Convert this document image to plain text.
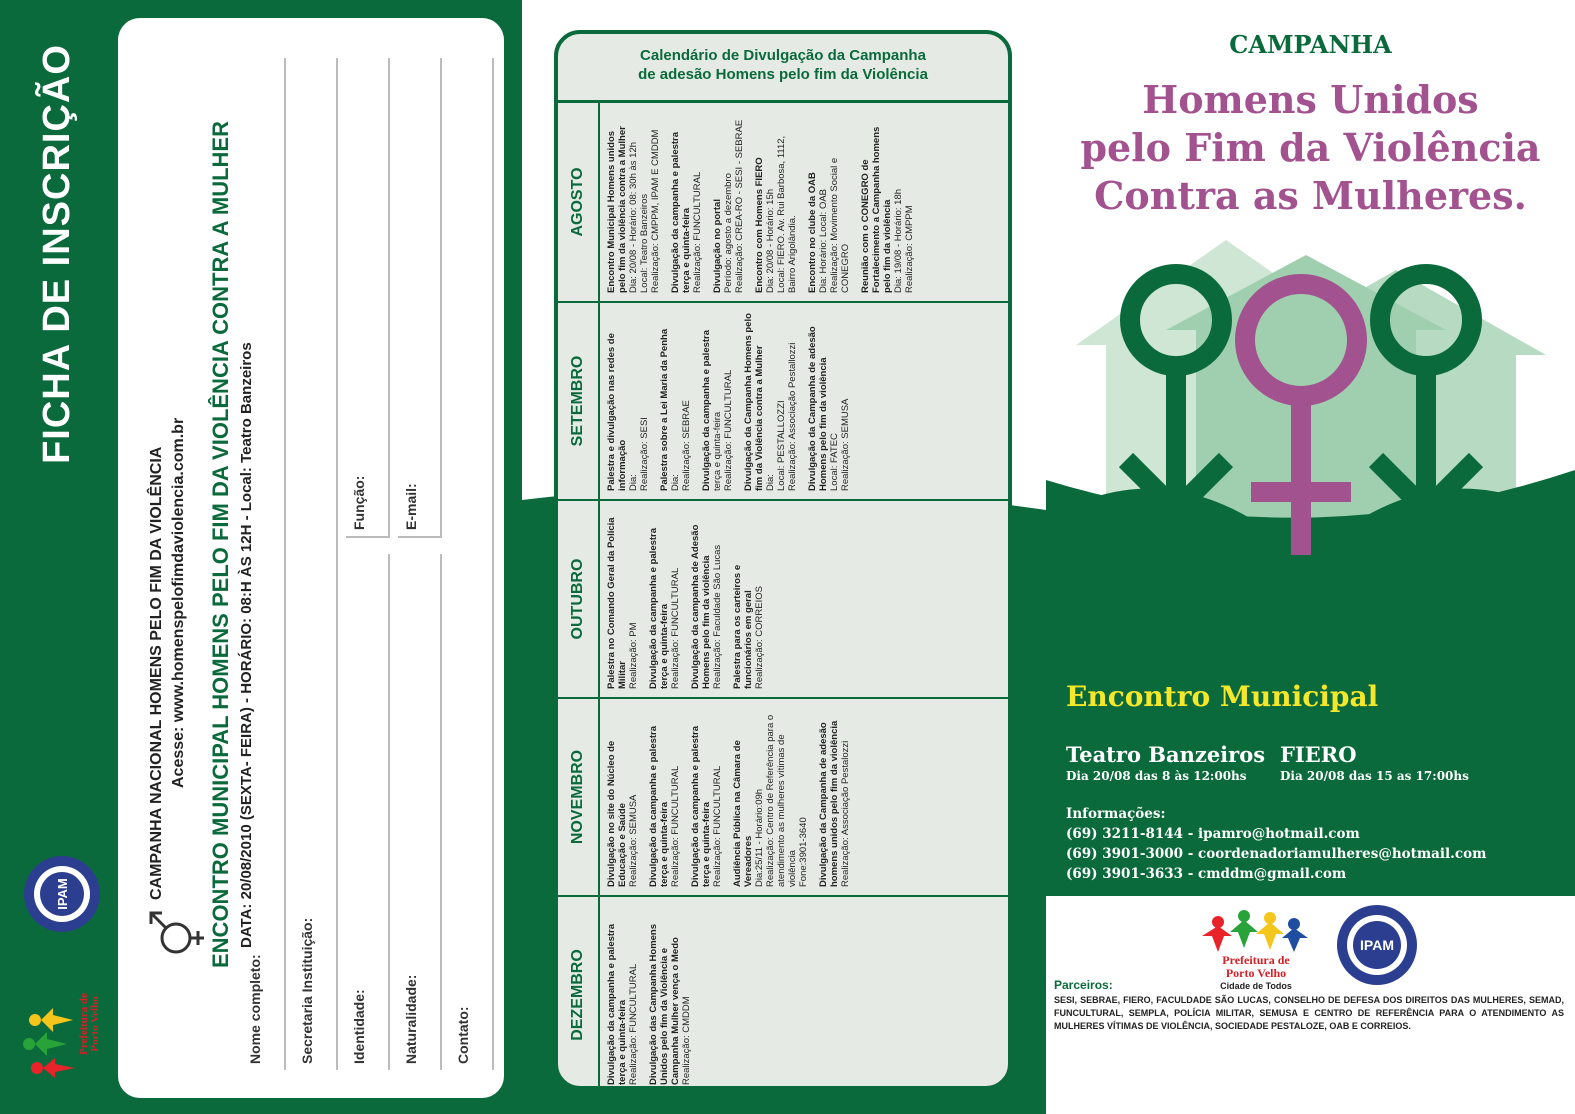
Prefeitura de Porto Velho
IPAM
FICHA DE INSCRIÇÃO
CAMPANHA NACIONAL HOMENS PELO FIM DA VIOLÊNCIA Acesse: www.homenspelofimdaviolencia.com.br ENCONTRO MUNICIPAL HOMENS PELO FIM DA VIOLÊNCIA CONTRA A MULHER DATA: 20/08/2010 (SEXTA- FEIRA) - HORÁRIO: 08:H ÀS 12H - Local: Teatro Banzeiros
Nome completo:	Secretaria Instituição:	Identidade:
Função:
Naturalidade:
E-mail:
Contato:
Calendário de Divulgação da Campanha
de adesão Homens pelo fim da Violência
DEZEMBRO	Divulgação da campanha e palestra terça e quinta-feira Realização: FUNCULTURAL Divulgação das Campanha Homens Unidos pelo fim da Violência e Campanha Mulher vença o Medo Realização: CMDDM
NOVEMBRO	Divulgação no site do Núcleo de Educação e Saúde Realização: SEMUSA Divulgação da campanha e palestra terça e quinta-feira Realização: FUNCULTURAL Divulgação da campanha e palestra terça e quinta-feira Realização: FUNCULTURAL Audiência Pública na Câmara de Vereadores Dia:25/11 - Horário:09h Realização: Centro de Referência para o atendimento as mulheres vítimas de violência Fone:3901-3640 Divulgação da Campanha de adesão homens unidos pelo fim da violência Realização: Associação Pestalozzi
OUTUBRO	Palestra no Comando Geral da Polícia Militar Realização: PM Divulgação da campanha e palestra terça e quinta-feira Realização: FUNCULTURAL Divulgação da campanha de Adesão Homens pelo fim da violência Realização: Faculdade São Lucas Palestra para os carteiros e funcionários em geral Realização: CORREIOS
SETEMBRO	Palestra e divulgação nas redes de informação Dia: Realização: SESI Palestra sobre a Lei Maria da Penha Dia: Realização: SEBRAE Divulgação da campanha e palestra terça e quinta-feira Realização: FUNCULTURAL Divulgação da Campanha Homens pelo fim da Violência contra a Mulher Dia: Local: PESTALLOZZI Realização: Associação Pestallozzi Divulgação da Campanha de adesão Homens pelo fim da violência Local: FATEC Realização: SEMUSA
AGOSTO	Encontro Municipal Homens unidos pelo fim da violência contra a Mulher Dia: 20/08 - Horário: 08: 30h às 12h Local: Teatro Banzeiros Realização: CMPPM, IPAM E CMDDM Divulgação da campanha e palestra terça e quinta-feira Realização: FUNCULTURAL Divulgação no portal Período: agosto a dezembro Realização: CREA-RO - SESI - SEBRAE Encontro com Homens FIERO Dia: 20/08 - Horário: 15h Local: FIERO. Av. Rui Barbosa, 1112, Bairro Arigolândia. Encontro no clube da OAB Dia: Horário: Local: OAB Realização: Movimento Social e CONEGRO Reunião com o CONEGRO de Fortalecimento a Campanha homens pelo fim da violência Dia: 19/08 - Horário: 18h Realização: CMPPM
CAMPANHA
Homens Unidos
pelo Fim da Violência
Contra as Mulheres.
Encontro Municipal
Teatro Banzeiros
Dia 20/08 das 8 às 12:00hs
FIERO
Dia 20/08 das 15 as 17:00hs
Informações:
(69) 3211-8144 - ipamro@hotmail.com
(69) 3901-3000 - coordenadoriamulheres@hotmail.com
(69) 3901-3633 - cmddm@gmail.com
Prefeitura de
Porto Velho
Cidade de Todos
IPAM
Parceiros:
SESI, SEBRAE, FIERO, FACULDADE SÃO LUCAS, CONSELHO DE DEFESA DOS DIREITOS DAS MULHERES, SEMAD, FUNCULTURAL, SEMPLA, POLÍCIA MILITAR, SEMUSA E CENTRO DE REFERÊNCIA PARA O ATENDIMENTO AS MULHERES VÍTIMAS DE VIOLÊNCIA, SOCIEDADE PESTALOZE, OAB E CORREIOS.
http://www.homenspelofimdaviolencia.com.br
